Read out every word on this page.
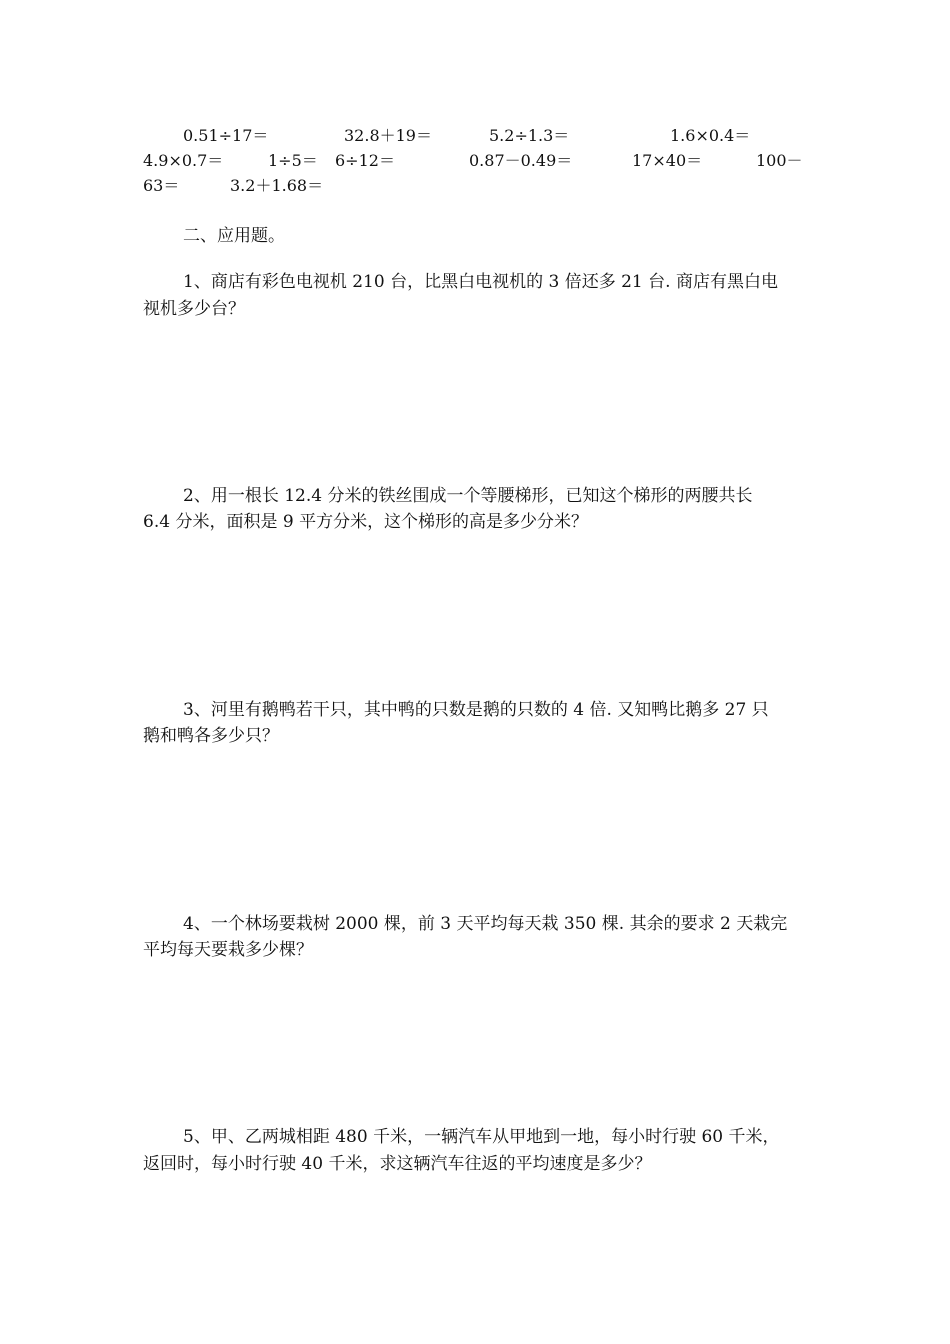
0.51÷17＝	32.8＋19＝	5.2÷1.3＝	1.6×0.4＝
4.9×0.7＝	1÷5＝ 6÷12＝	0.87－0.49＝	17×40＝	100－
63＝	3.2＋1.68＝
二、应用题。
1、商店有彩色电视机 210 台，比黑白电视机的 3 倍还多 21 台. 商店有黑白电
视机多少台？
2、用一根长 12.4 分米的铁丝围成一个等腰梯形，已知这个梯形的两腰共长
6.4 分米，面积是 9 平方分米，这个梯形的高是多少分米？
3、河里有鹅鸭若干只，其中鸭的只数是鹅的只数的 4 倍. 又知鸭比鹅多 27 只
鹅和鸭各多少只？
4、一个林场要栽树 2000 棵，前 3 天平均每天栽 350 棵. 其余的要求 2 天栽完
平均每天要栽多少棵？
5、甲、乙两城相距 480 千米，一辆汽车从甲地到一地，每小时行驶 60 千米，
返回时，每小时行驶 40 千米，求这辆汽车往返的平均速度是多少？
